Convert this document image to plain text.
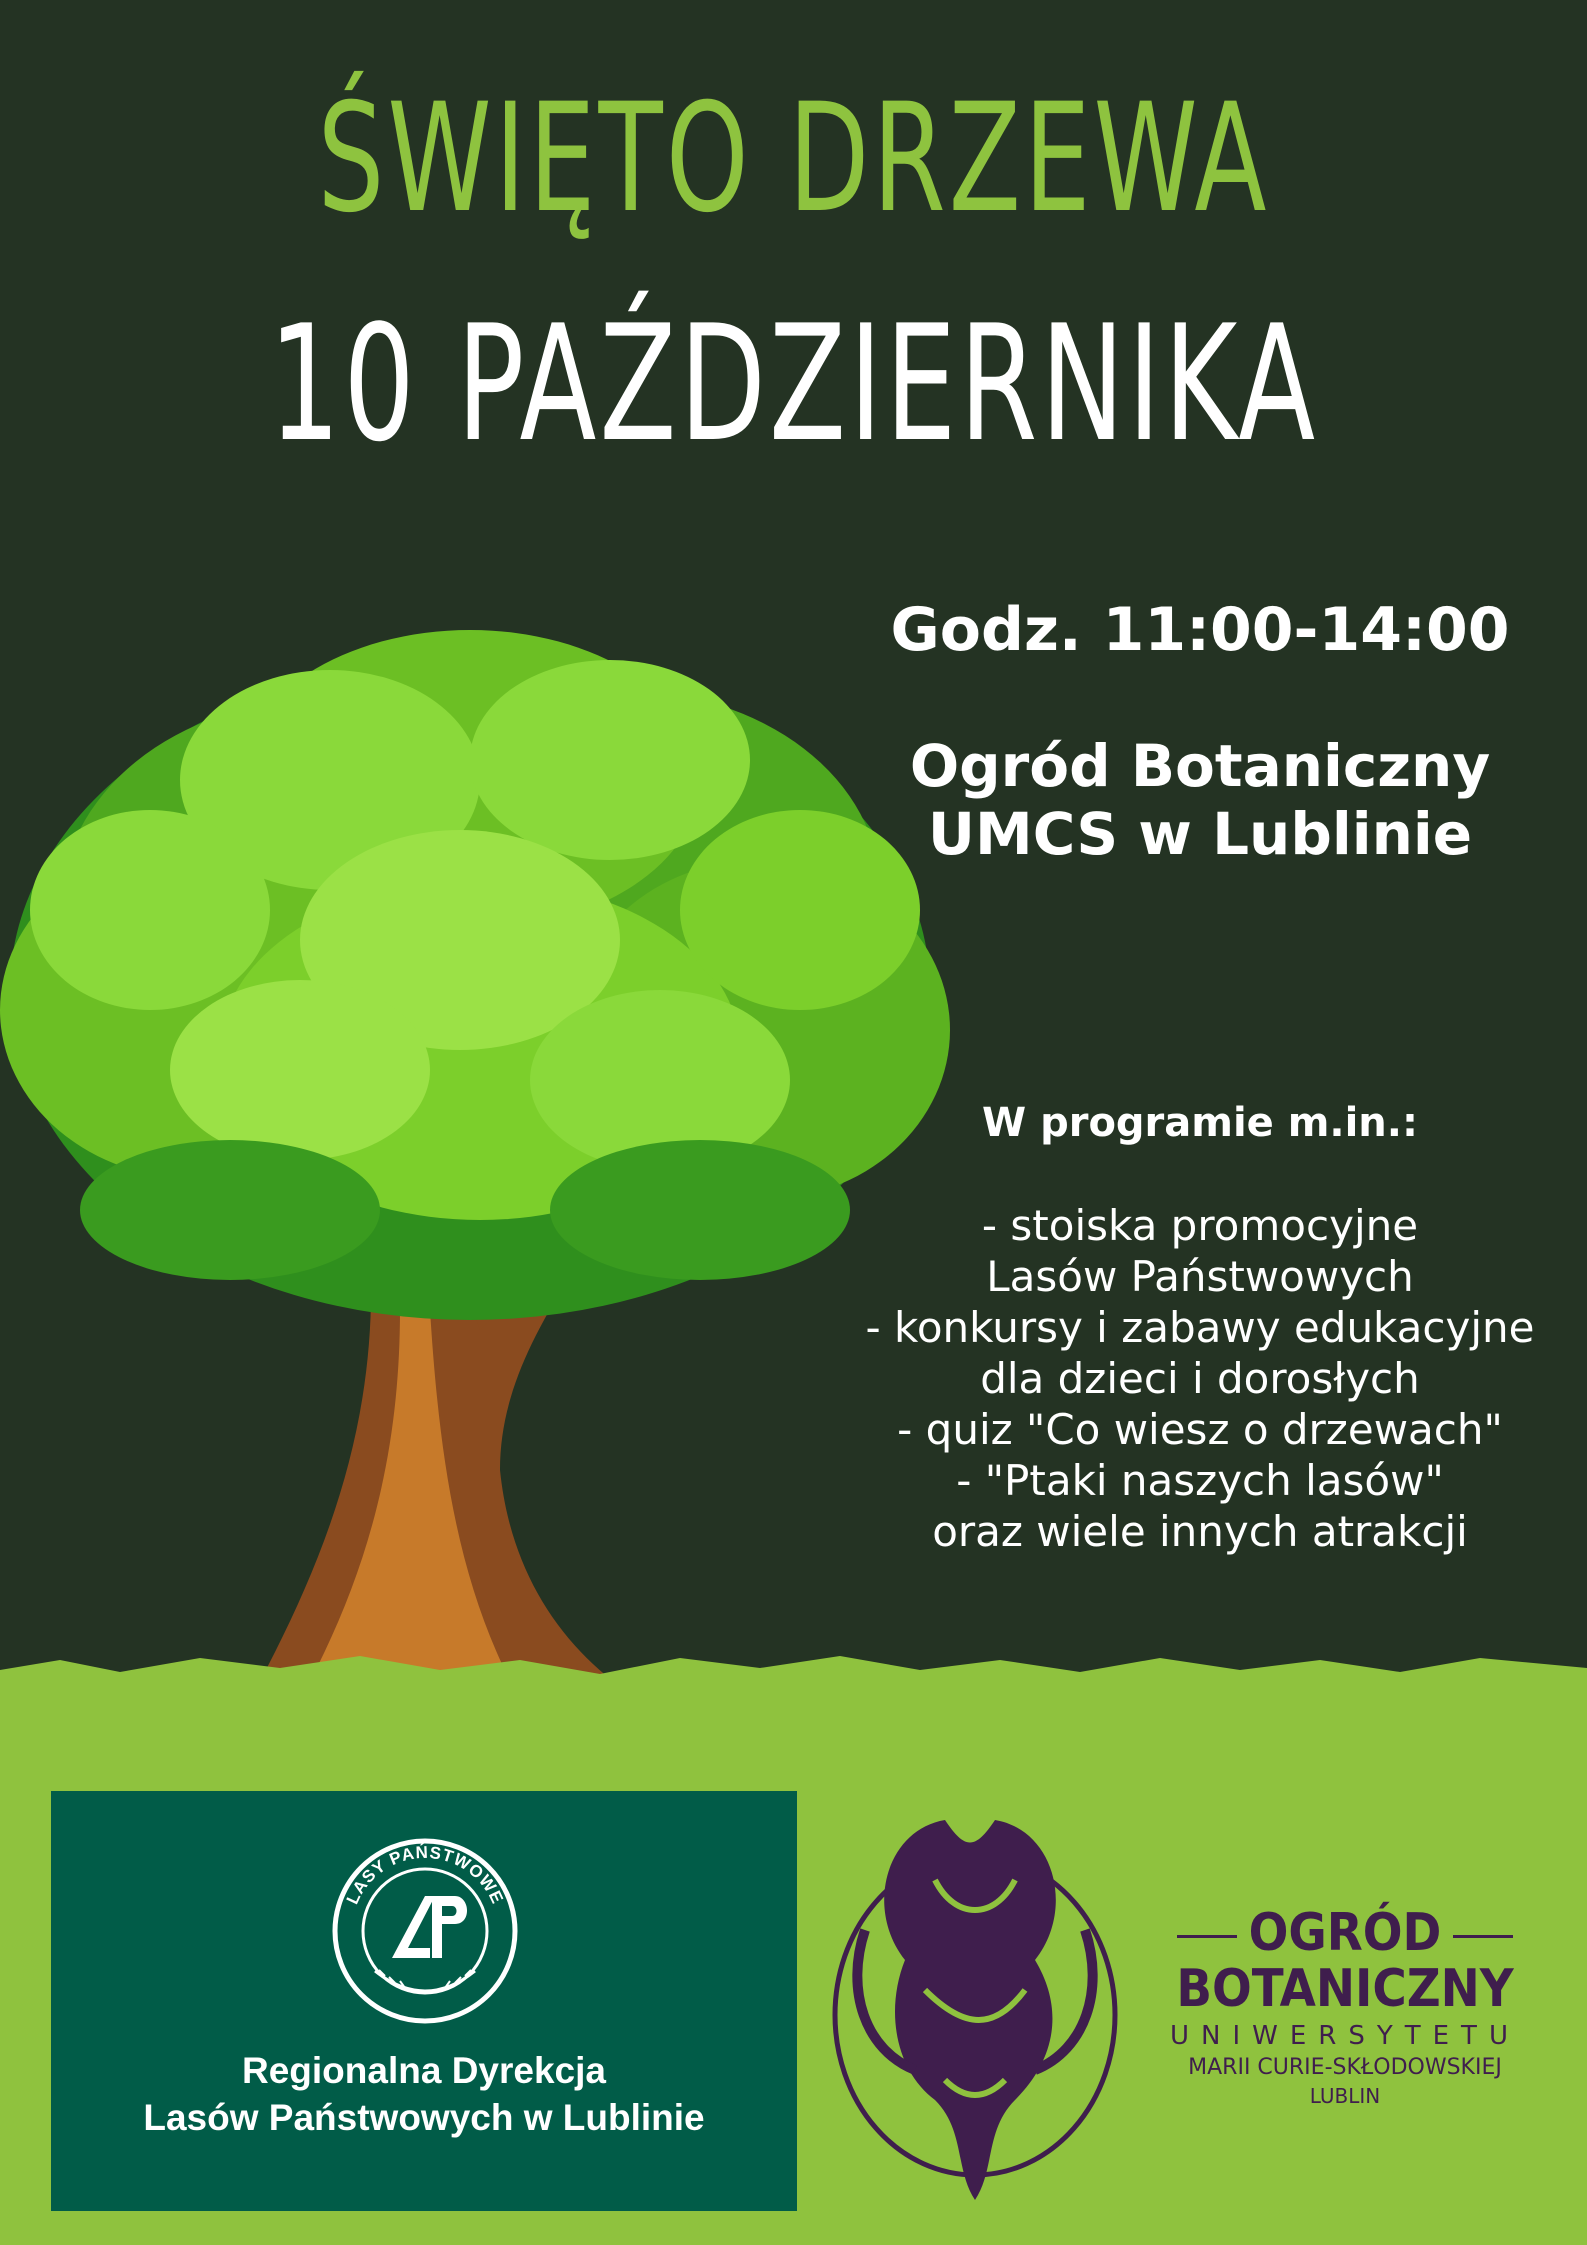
ŚWIĘTO DRZEWA
10 PAŹDZIERNIKA
Godz. 11:00-14:00
Ogród Botaniczny
UMCS w Lublinie
W programie m.in.:
- stoiska promocyjne
Lasów Państwowych
- konkursy i zabawy edukacyjne
dla dzieci i dorosłych
- quiz "Co wiesz o drzewach"
- "Ptaki naszych lasów"
oraz wiele innych atrakcji
LASY PAŃSTWOWE
Regionalna Dyrekcja
Lasów Państwowych w Lublinie
OGRÓD
BOTANICZNY
UNIWERSYTETU
MARII CURIE-SKŁODOWSKIEJ
LUBLIN
